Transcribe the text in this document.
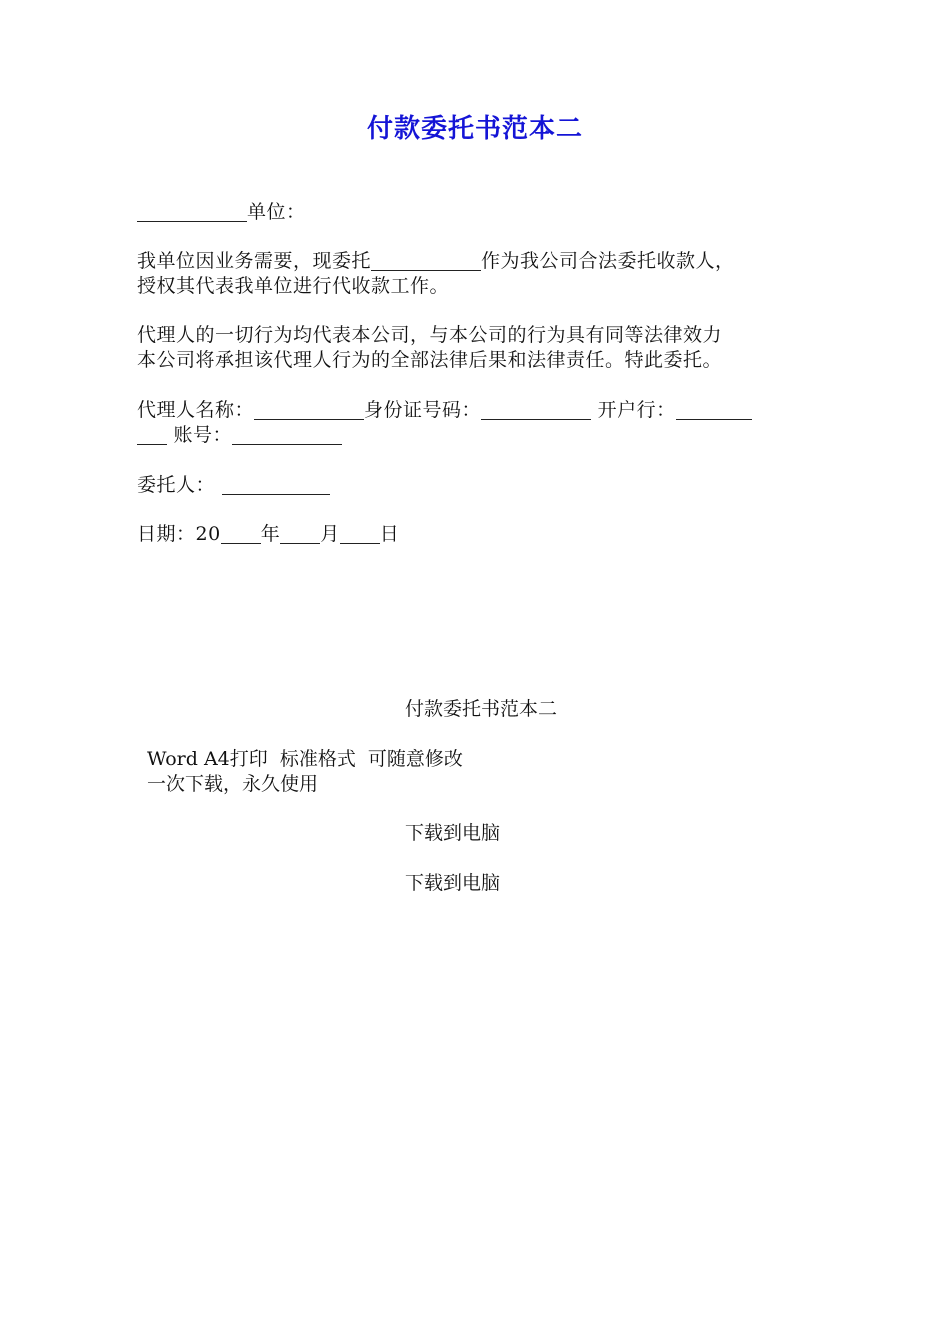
付款委托书范本二
单位：
我单位因业务需要，现委托	作为我公司合法委托收款人，
授权其代表我单位进行代收款工作。
代理人的一切行为均代表本公司，与本公司的行为具有同等法律效力
本公司将承担该代理人行为的全部法律后果和法律责任。特此委托。
代理人名称：	身份证号码：	开户行：
账号：
委托人：
日期：20 年 月 日
付款委托书范本二
Word A4打印  标准格式  可随意修改
一次下载，永久使用
下载到电脑
下载到电脑
